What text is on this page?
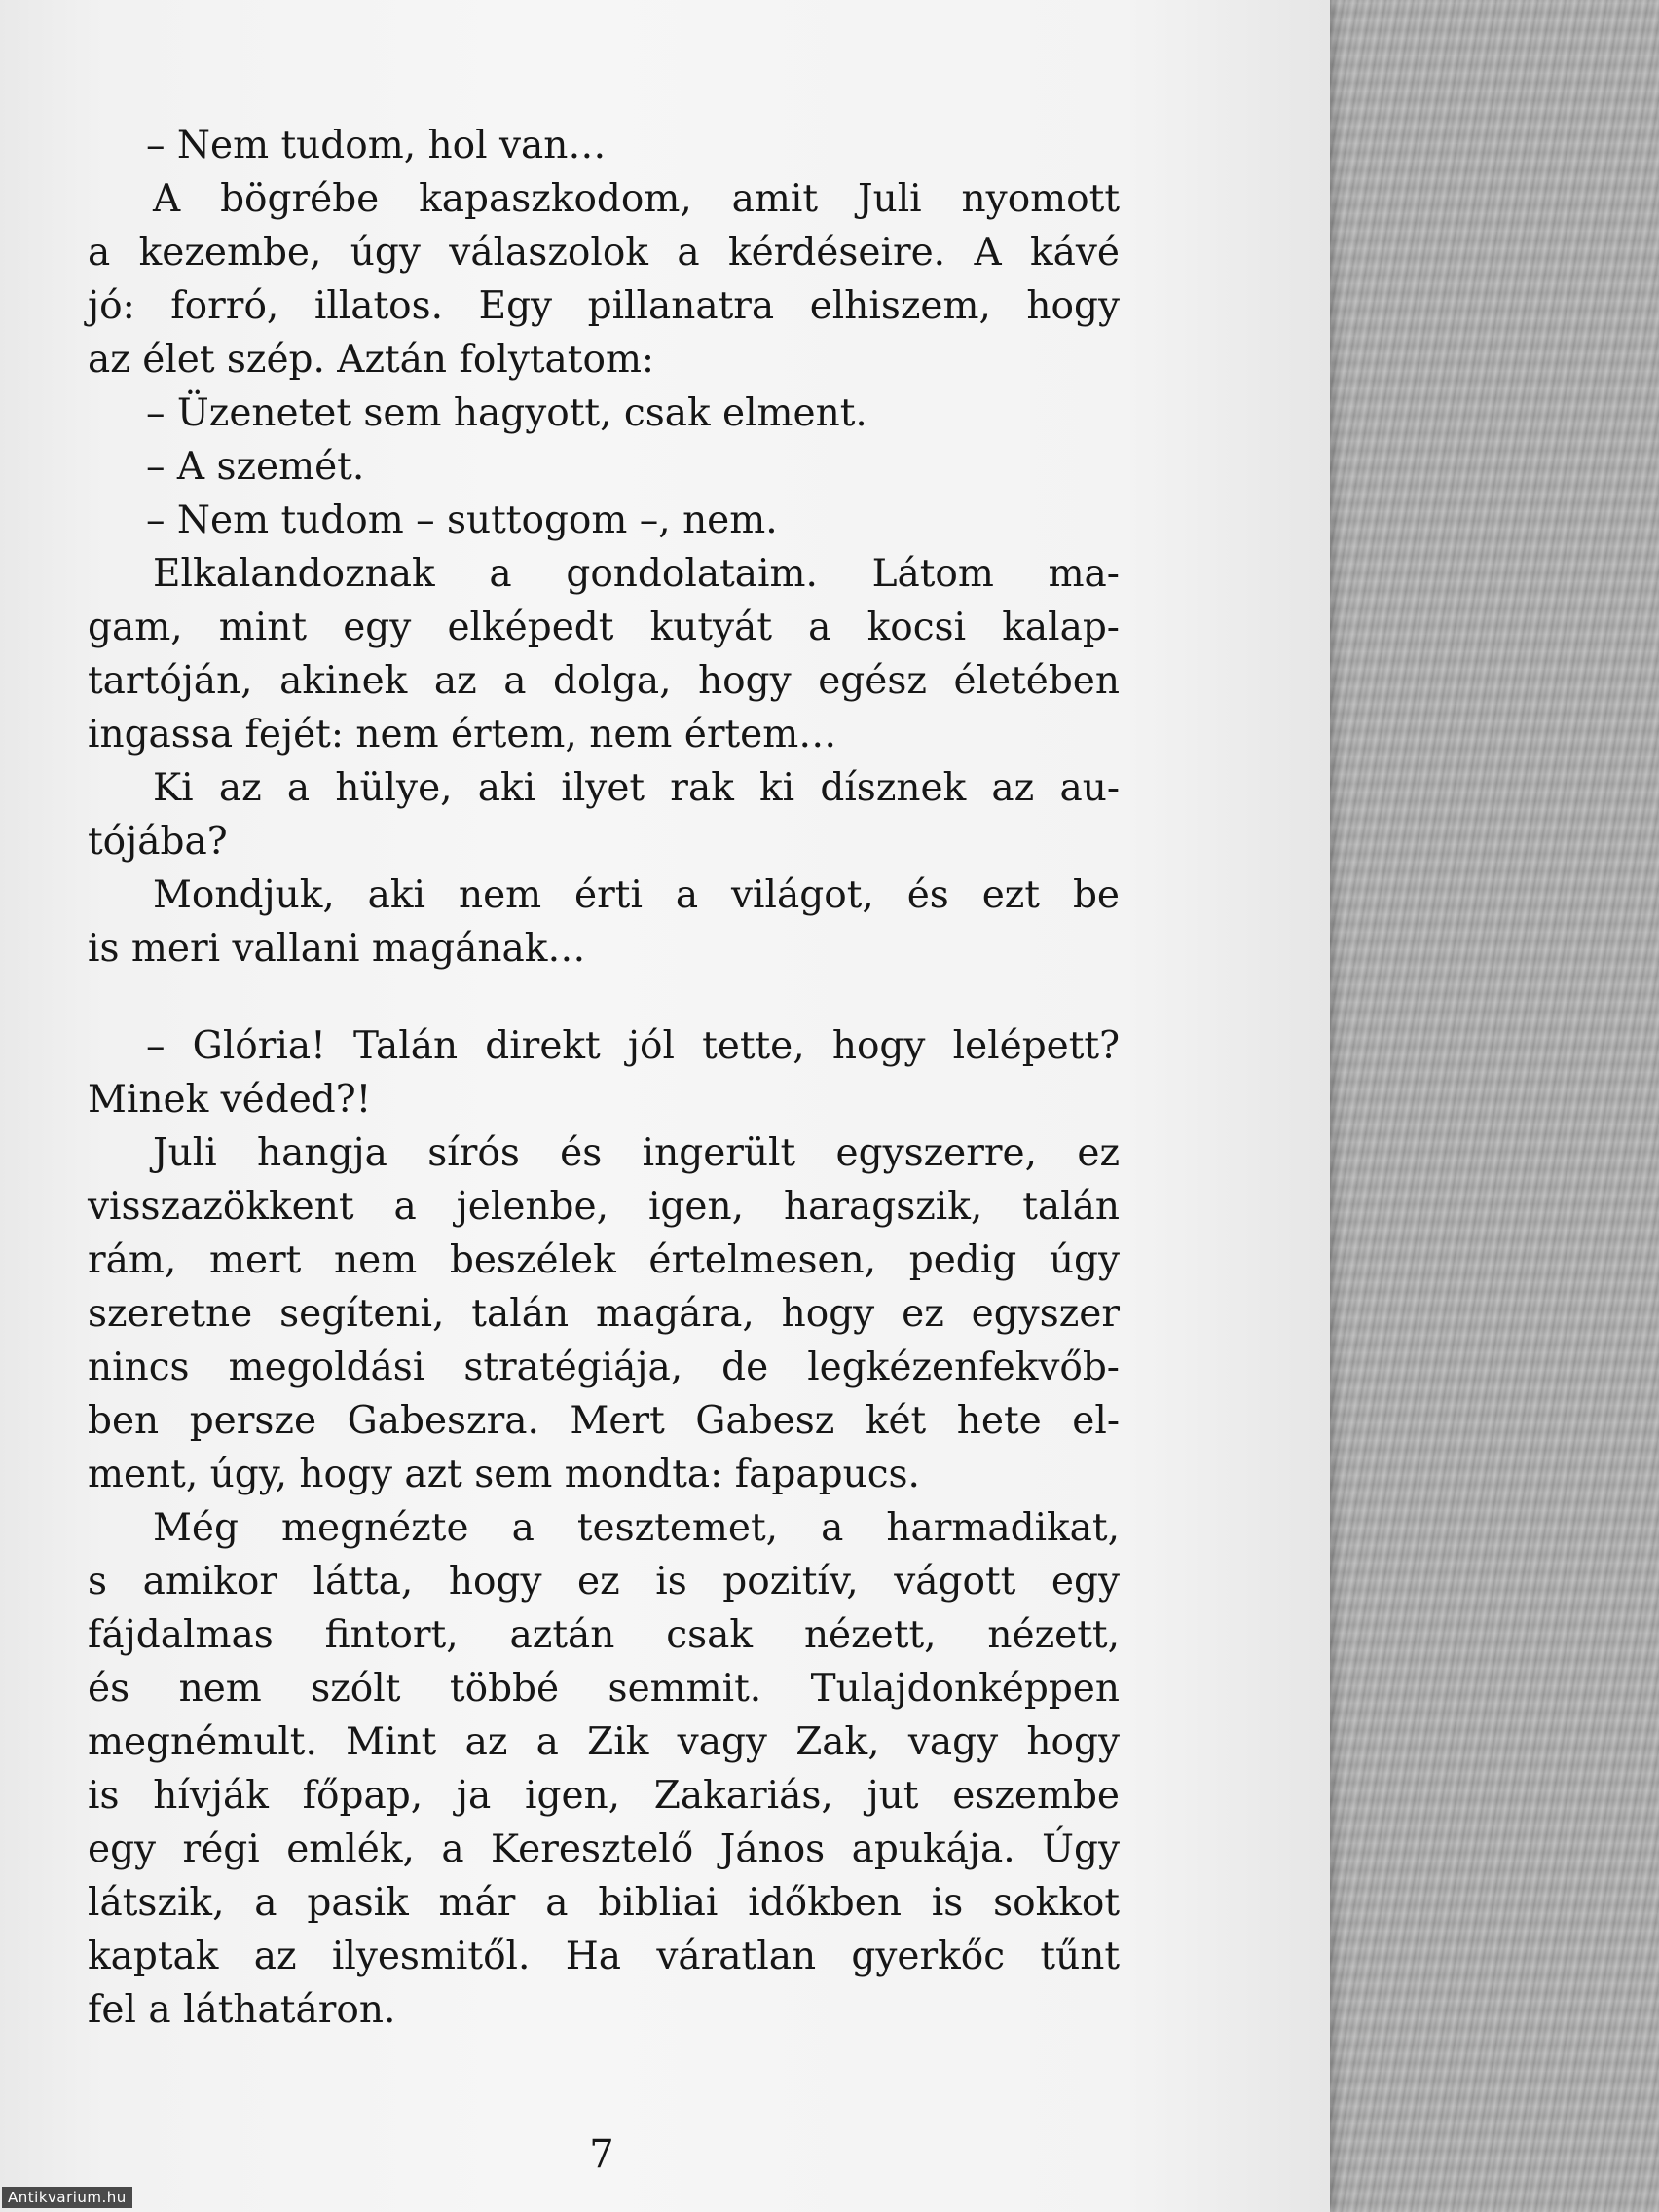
– Nem tudom, hol van…
A bögrébe kapaszkodom, amit Juli nyomott
a kezembe, úgy válaszolok a kérdéseire. A kávé
jó: forró, illatos. Egy pillanatra elhiszem, hogy
az élet szép. Aztán folytatom:
– Üzenetet sem hagyott, csak elment.
– A szemét.
– Nem tudom – suttogom –, nem.
Elkalandoznak a gondolataim. Látom ma-
gam, mint egy elképedt kutyát a kocsi kalap-
tartóján, akinek az a dolga, hogy egész életében
ingassa fejét: nem értem, nem értem…
Ki az a hülye, aki ilyet rak ki dísznek az au-
tójába?
Mondjuk, aki nem érti a világot, és ezt be
is meri vallani magának…
– Glória! Talán direkt jól tette, hogy lelépett?
Minek véded?!
Juli hangja sírós és ingerült egyszerre, ez
visszazökkent a jelenbe, igen, haragszik, talán
rám, mert nem beszélek értelmesen, pedig úgy
szeretne segíteni, talán magára, hogy ez egyszer
nincs megoldási stratégiája, de legkézenfekvőb-
ben persze Gabeszra. Mert Gabesz két hete el-
ment, úgy, hogy azt sem mondta: fapapucs.
Még megnézte a tesztemet, a harmadikat,
s amikor látta, hogy ez is pozitív, vágott egy
fájdalmas fintort, aztán csak nézett, nézett,
és nem szólt többé semmit. Tulajdonképpen
megnémult. Mint az a Zik vagy Zak, vagy hogy
is hívják főpap, ja igen, Zakariás, jut eszembe
egy régi emlék, a Keresztelő János apukája. Úgy
látszik, a pasik már a bibliai időkben is sokkot
kaptak az ilyesmitől. Ha váratlan gyerkőc tűnt
fel a láthatáron.
7
Antikvarium.hu
